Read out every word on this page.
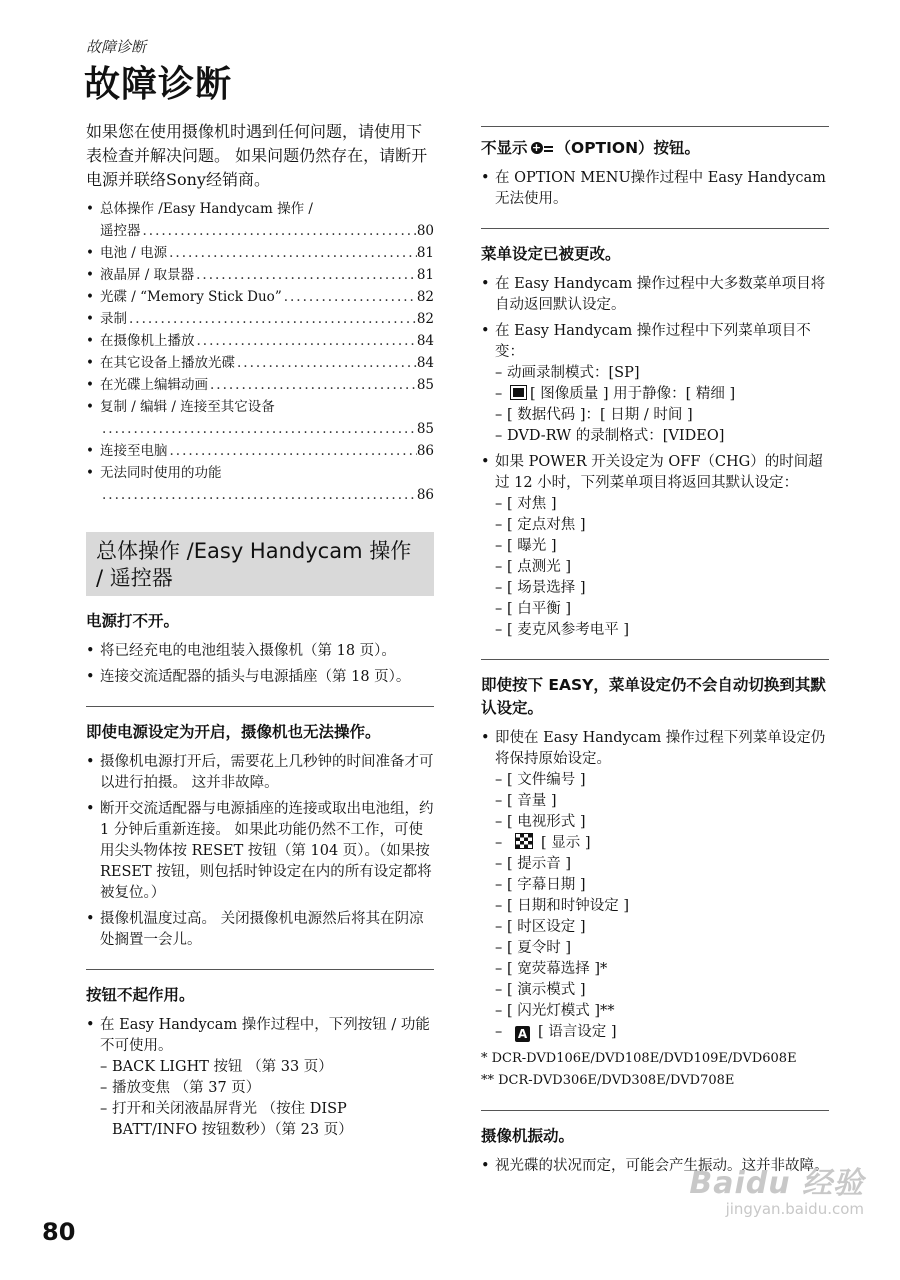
故障诊断
故障诊断

如果您在使用摄像机时遇到任何问题，请使用下表检查并解决问题。 如果问题仍然存在，请断开电源并联络Sony经销商。

• 总体操作 /Easy Handycam 操作 /
遥控器 .....	80
• 电池 / 电源 .....	81
• 液晶屏 / 取景器 .....	81
• 光碟 / “Memory Stick Duo” .....	82
• 录制 .....	82
• 在摄像机上播放 .....	84
• 在其它设备上播放光碟 .....	84
• 在光碟上编辑动画 .....	85
• 复制 / 编辑 / 连接至其它设备
.....
85
• 连接至电脑 .....	86
• 无法同时使用的功能
.....
86
总体操作 /Easy Handycam 操作 / 遥控器
电源打不开。
• 将已经充电的电池组装入摄像机（第 18 页）。
• 连接交流适配器的插头与电源插座（第 18 页）。
即使电源设定为开启，摄像机也无法操作。
• 摄像机电源打开后，需要花上几秒钟的时间准备才可以进行拍摄。 这并非故障。
• 断开交流适配器与电源插座的连接或取出电池组，约 1 分钟后重新连接。 如果此功能仍然不工作，可使用尖头物体按 RESET 按钮（第 104 页）。（如果按 RESET 按钮，则包括时钟设定在内的所有设定都将被复位。）
• 摄像机温度过高。 关闭摄像机电源然后将其在阴凉处搁置一会儿。
按钮不起作用。
• 在 Easy Handycam 操作过程中，下列按钮 / 功能不可使用。
– BACK LIGHT 按钮 （第 33 页）
– 播放变焦 （第 37 页）
– 打开和关闭液晶屏背光 （按住 DISP BATT/INFO 按钮数秒）（第 23 页）
不显示 + （OPTION）按钮。
• 在 OPTION MENU操作过程中 Easy Handycam 无法使用。
菜单设定已被更改。
• 在 Easy Handycam 操作过程中大多数菜单项目将自动返回默认设定。
• 在 Easy Handycam 操作过程中下列菜单项目不变：
– 动画录制模式：[SP]
– [ 图像质量 ] 用于静像：[ 精细 ]
– [ 数据代码 ]：[ 日期 / 时间 ]
– DVD-RW 的录制格式：[VIDEO]
• 如果 POWER 开关设定为 OFF（CHG）的时间超过 12 小时，下列菜单项目将返回其默认设定：
– [ 对焦 ]
– [ 定点对焦 ]
– [ 曝光 ]
– [ 点测光 ]
– [ 场景选择 ]
– [ 白平衡 ]
– [ 麦克风参考电平 ]
即使按下 EASY，菜单设定仍不会自动切换到其默认设定。
• 即使在 Easy Handycam 操作过程下列菜单设定仍将保持原始设定。
– [ 文件编号 ]
– [ 音量 ]
– [ 电视形式 ]
– [ 显示 ]
– [ 提示音 ]
– [ 字幕日期 ]
– [ 日期和时钟设定 ]
– [ 时区设定 ]
– [ 夏令时 ]
– [ 宽荧幕选择 ]*
– [ 演示模式 ]
– [ 闪光灯模式 ]**
– A [ 语言设定 ]
* DCR-DVD106E/DVD108E/DVD109E/DVD608E
** DCR-DVD306E/DVD308E/DVD708E
摄像机振动。
• 视光碟的状况而定，可能会产生振动。这并非故障。
80
Baidu 经验
jingyan.baidu.com
